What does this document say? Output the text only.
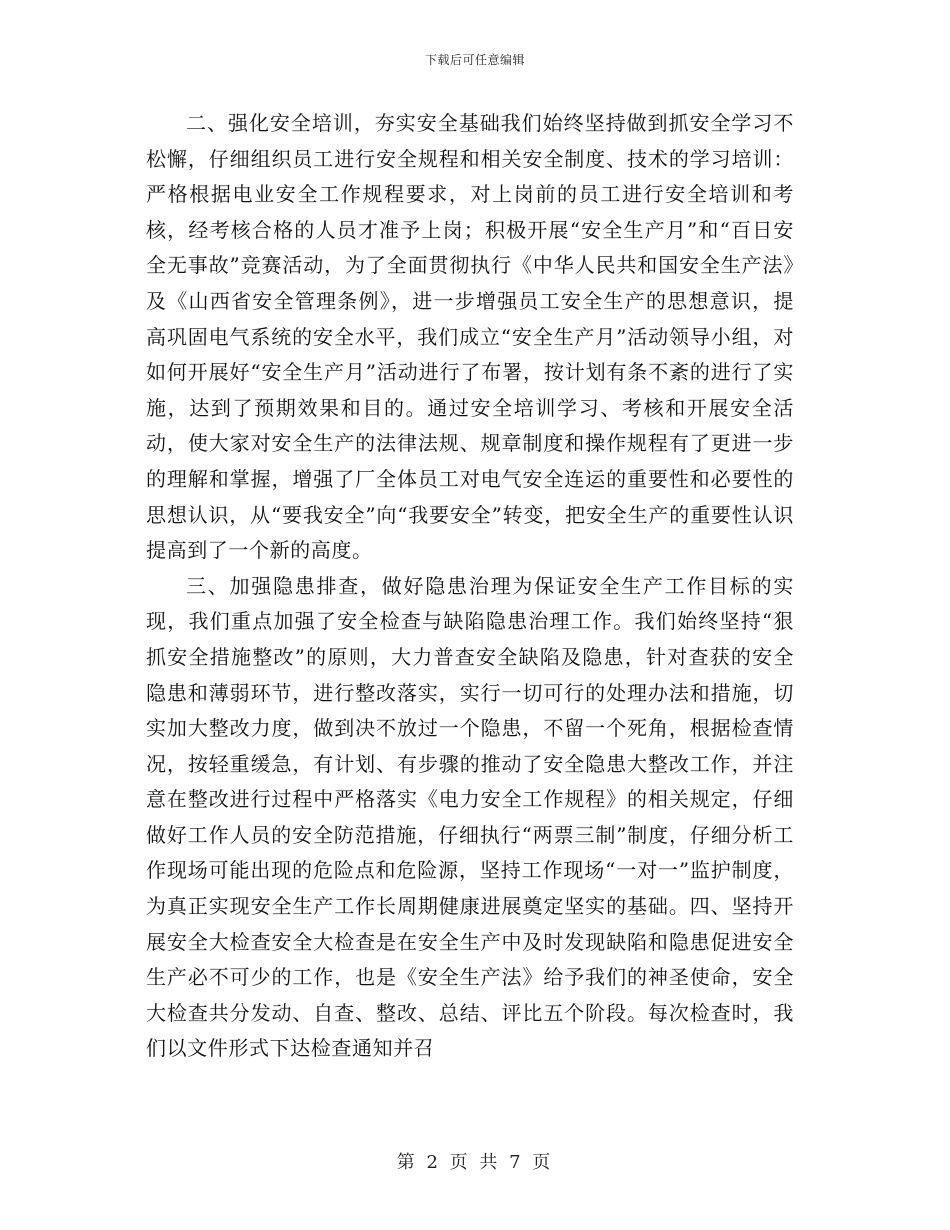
下载后可任意编辑

二、强化安全培训，夯实安全基础我们始终坚持做到抓安全学习不松懈，仔细组织员工进行安全规程和相关安全制度、技术的学习培训：严格根据电业安全工作规程要求，对上岗前的员工进行安全培训和考核，经考核合格的人员才准予上岗；积极开展“安全生产月”和“百日安全无事故”竞赛活动，为了全面贯彻执行《中华人民共和国安全生产法》及《山西省安全管理条例》，进一步增强员工安全生产的思想意识，提高巩固电气系统的安全水平，我们成立“安全生产月”活动领导小组，对如何开展好“安全生产月”活动进行了布署，按计划有条不紊的进行了实施，达到了预期效果和目的。通过安全培训学习、考核和开展安全活动，使大家对安全生产的法律法规、规章制度和操作规程有了更进一步的理解和掌握，增强了厂全体员工对电气安全连运的重要性和必要性的思想认识，从“要我安全”向“我要安全”转变，把安全生产的重要性认识提高到了一个新的高度。

三、加强隐患排查，做好隐患治理为保证安全生产工作目标的实现，我们重点加强了安全检查与缺陷隐患治理工作。我们始终坚持“狠抓安全措施整改”的原则，大力普查安全缺陷及隐患，针对查获的安全隐患和薄弱环节，进行整改落实，实行一切可行的处理办法和措施，切实加大整改力度，做到决不放过一个隐患，不留一个死角，根据检查情况，按轻重缓急，有计划、有步骤的推动了安全隐患大整改工作，并注意在整改进行过程中严格落实《电力安全工作规程》的相关规定，仔细做好工作人员的安全防范措施，仔细执行“两票三制”制度，仔细分析工作现场可能出现的危险点和危险源，坚持工作现场“一对一”监护制度，为真正实现安全生产工作长周期健康进展奠定坚实的基础。四、坚持开展安全大检查安全大检查是在安全生产中及时发现缺陷和隐患促进安全生产必不可少的工作，也是《安全生产法》给予我们的神圣使命，安全大检查共分发动、自查、整改、总结、评比五个阶段。每次检查时，我们以文件形式下达检查通知并召

第 2 页 共 7 页
